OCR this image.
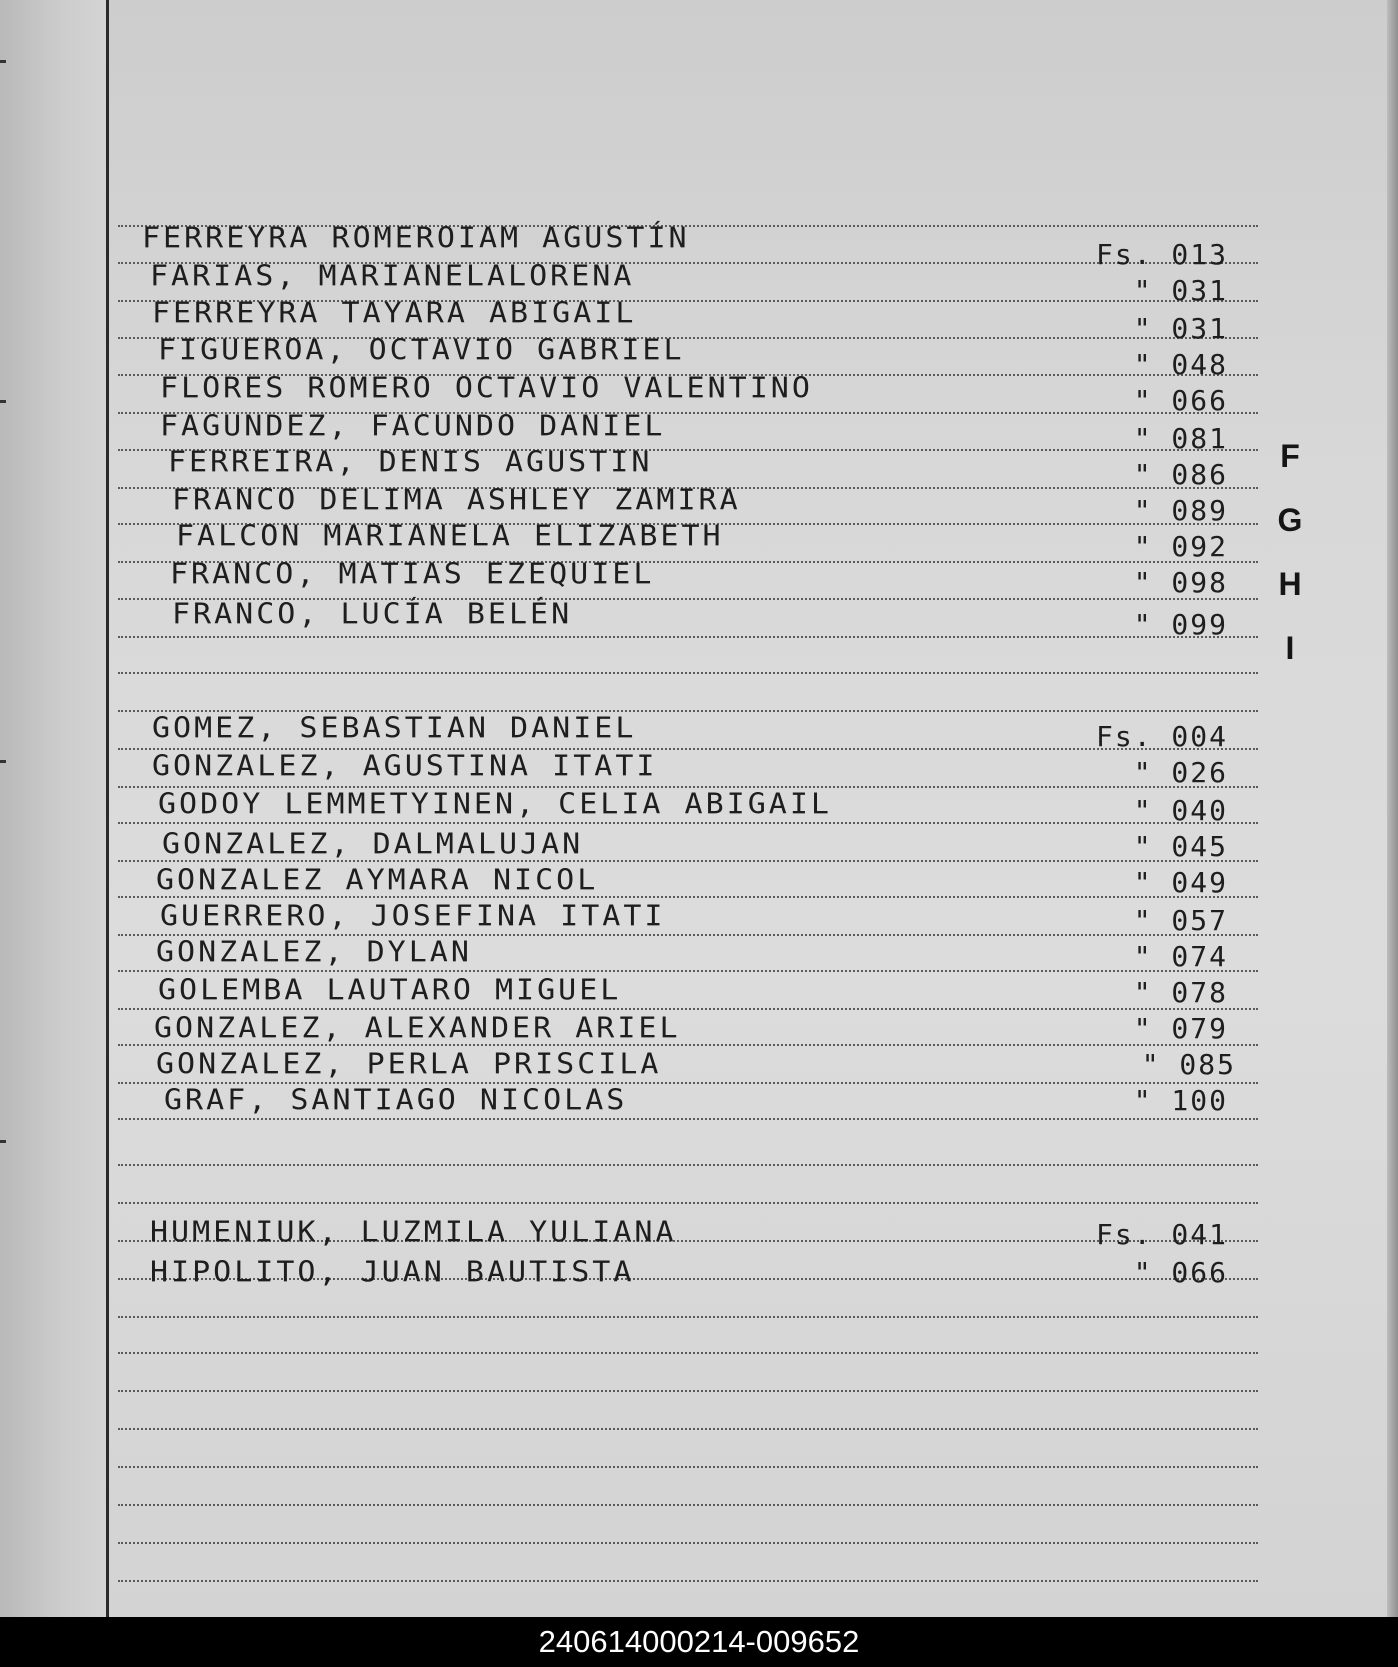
FERREYRA ROMEROIAM AGUSTÍN	Fs. 013
FARIAS, MARIANELALORENA	" 031
FERREYRA TAYARA ABIGAIL	" 031
FIGUEROA, OCTAVIO GABRIEL	" 048
FLORES ROMERO OCTAVIO VALENTINO	" 066
FAGUNDEZ, FACUNDO DANIEL	" 081
FERREIRA, DENIS AGUSTIN	" 086
FRANCO DELIMA ASHLEY ZAMIRA	" 089
FALCON MARIANELA ELIZABETH	" 092
FRANCO, MATIAS EZEQUIEL	" 098
FRANCO, LUCÍA BELÉN	" 099
GOMEZ, SEBASTIAN DANIEL	Fs. 004
GONZALEZ, AGUSTINA ITATI	" 026
GODOY LEMMETYINEN, CELIA ABIGAIL	" 040
GONZALEZ, DALMALUJAN	" 045
GONZALEZ AYMARA NICOL	" 049
GUERRERO, JOSEFINA ITATI	" 057
GONZALEZ, DYLAN	" 074
GOLEMBA LAUTARO MIGUEL	" 078
GONZALEZ, ALEXANDER ARIEL	" 079
GONZALEZ, PERLA PRISCILA	" 085
GRAF, SANTIAGO NICOLAS	" 100
HUMENIUK, LUZMILA YULIANA	Fs. 041
HIPOLITO, JUAN BAUTISTA	" 066
F
G
H
I
240614000214-009652
